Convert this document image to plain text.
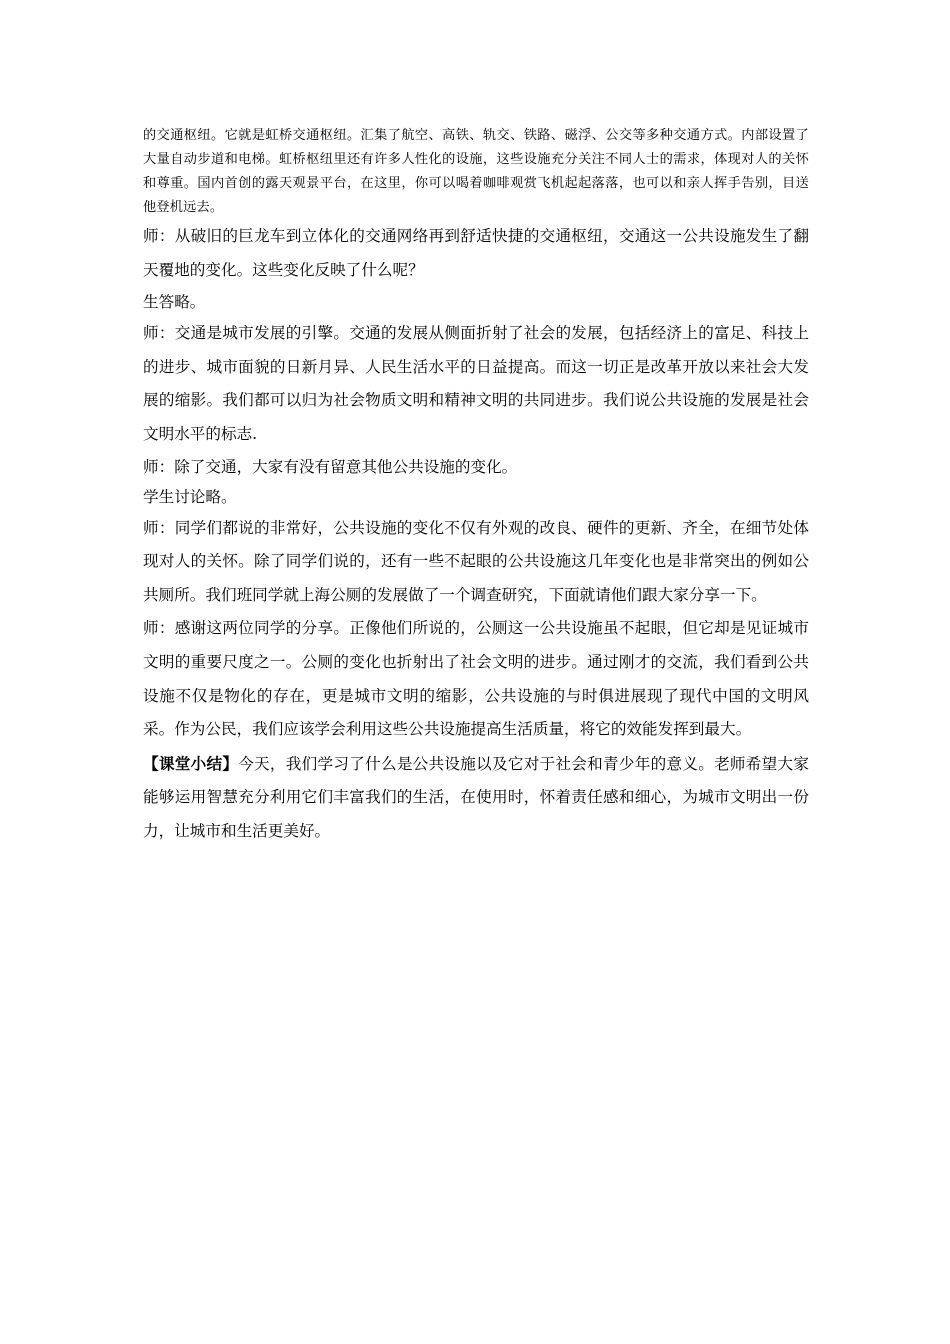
的交通枢纽。它就是虹桥交通枢纽。汇集了航空、高铁、轨交、铁路、磁浮、公交等多种交通方式。内部设置了大量自动步道和电梯。虹桥枢纽里还有许多人性化的设施，这些设施充分关注不同人士的需求，体现对人的关怀和尊重。国内首创的露天观景平台，在这里，你可以喝着咖啡观赏飞机起起落落，也可以和亲人挥手告别，目送他登机远去。

师：从破旧的巨龙车到立体化的交通网络再到舒适快捷的交通枢纽，交通这一公共设施发生了翻天覆地的变化。这些变化反映了什么呢？

生答略。

师：交通是城市发展的引擎。交通的发展从侧面折射了社会的发展，包括经济上的富足、科技上的进步、城市面貌的日新月异、人民生活水平的日益提高。而这一切正是改革开放以来社会大发展的缩影。我们都可以归为社会物质文明和精神文明的共同进步。我们说公共设施的发展是社会文明水平的标志.

师：除了交通，大家有没有留意其他公共设施的变化。

学生讨论略。

师：同学们都说的非常好，公共设施的变化不仅有外观的改良、硬件的更新、齐全，在细节处体现对人的关怀。除了同学们说的，还有一些不起眼的公共设施这几年变化也是非常突出的例如公共厕所。我们班同学就上海公厕的发展做了一个调查研究，下面就请他们跟大家分享一下。

师：感谢这两位同学的分享。正像他们所说的，公厕这一公共设施虽不起眼，但它却是见证城市文明的重要尺度之一。公厕的变化也折射出了社会文明的进步。通过刚才的交流，我们看到公共设施不仅是物化的存在，更是城市文明的缩影，公共设施的与时俱进展现了现代中国的文明风采。作为公民，我们应该学会利用这些公共设施提高生活质量，将它的效能发挥到最大。

【课堂小结】今天，我们学习了什么是公共设施以及它对于社会和青少年的意义。老师希望大家能够运用智慧充分利用它们丰富我们的生活，在使用时，怀着责任感和细心，为城市文明出一份力，让城市和生活更美好。
